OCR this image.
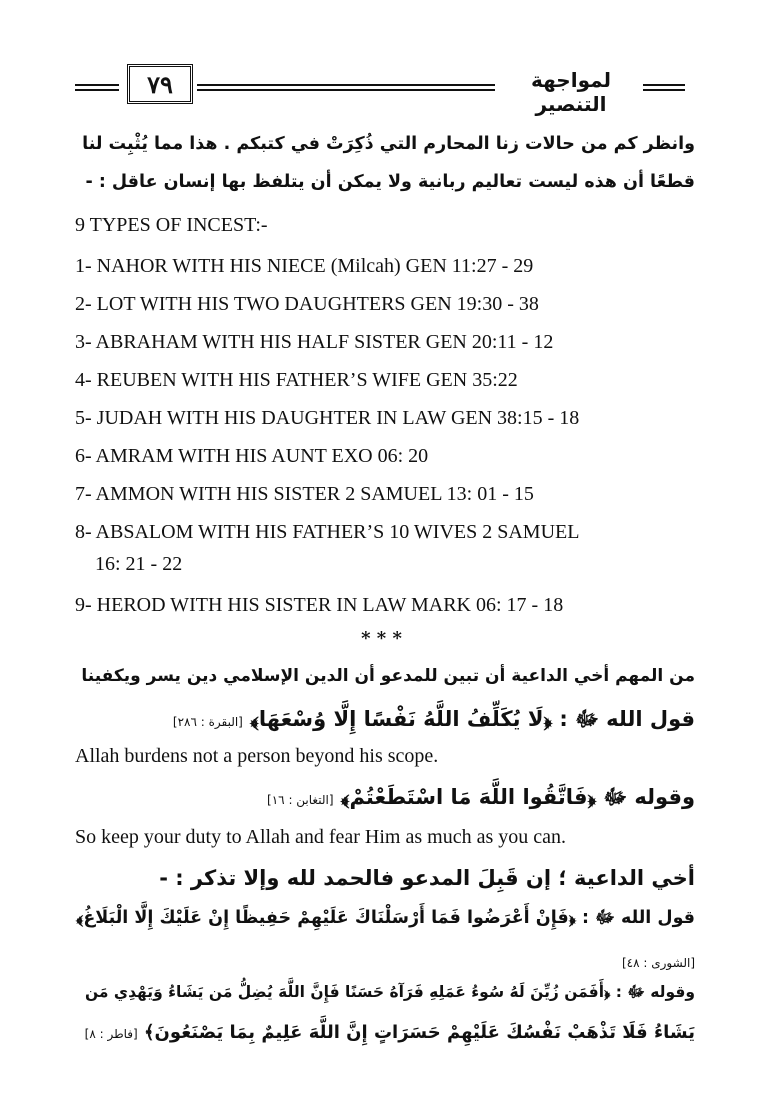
٧٩	لمواجهة التنصير
وانظر كم من حالات زنا المحارم التي ذُكِرَتْ في كتبكم . هذا مما يُثْبِت لنا
قطعًا أن هذه ليست تعاليم ربانية ولا يمكن أن يتلفظ بها إنسان عاقل : -
9 TYPES OF INCEST:-
1- NAHOR WITH HIS NIECE (Milcah) GEN 11:27 - 29
2- LOT WITH HIS TWO DAUGHTERS GEN 19:30 - 38
3- ABRAHAM WITH HIS HALF SISTER GEN 20:11 - 12
4- REUBEN WITH HIS FATHER’S WIFE GEN 35:22
5- JUDAH WITH HIS DAUGHTER IN LAW GEN 38:15 - 18
6- AMRAM WITH HIS AUNT EXO 06: 20
7- AMMON WITH HIS SISTER 2 SAMUEL 13: 01 - 15
8- ABSALOM WITH HIS FATHER’S 10 WIVES 2 SAMUEL
16: 21 - 22
9- HEROD WITH HIS SISTER IN LAW MARK 06: 17 - 18
* * *
من المهم أخي الداعية أن تبين للمدعو أن الدين الإسلامي دين يسر ويكفينا
قول الله ﷻ : ﴿لَا يُكَلِّفُ اللَّهُ نَفْسًا إِلَّا وُسْعَهَا﴾ [البقرة : ٢٨٦]
Allah burdens not a person beyond his scope.
وقوله ﷻ ﴿فَاتَّقُوا اللَّهَ مَا اسْتَطَعْتُمْ﴾ [التغابن : ١٦]
So keep your duty to Allah and fear Him as much as you can.
أخي الداعية ؛ إن قَبِلَ المدعو فالحمد لله وإلا تذكر : -
قول الله ﷻ : ﴿فَإِنْ أَعْرَضُوا فَمَا أَرْسَلْنَاكَ عَلَيْهِمْ حَفِيظًا إِنْ عَلَيْكَ إِلَّا الْبَلَاغُ﴾
[الشورى : ٤٨]
وقوله ﷻ : ﴿أَفَمَن زُيِّنَ لَهُ سُوءُ عَمَلِهِ فَرَآهُ حَسَنًا فَإِنَّ اللَّهَ يُضِلُّ مَن يَشَاءُ وَيَهْدِي مَن
يَشَاءُ فَلَا تَذْهَبْ نَفْسُكَ عَلَيْهِمْ حَسَرَاتٍ إِنَّ اللَّهَ عَلِيمٌ بِمَا يَصْنَعُونَ﴾ [فاطر : ٨]
